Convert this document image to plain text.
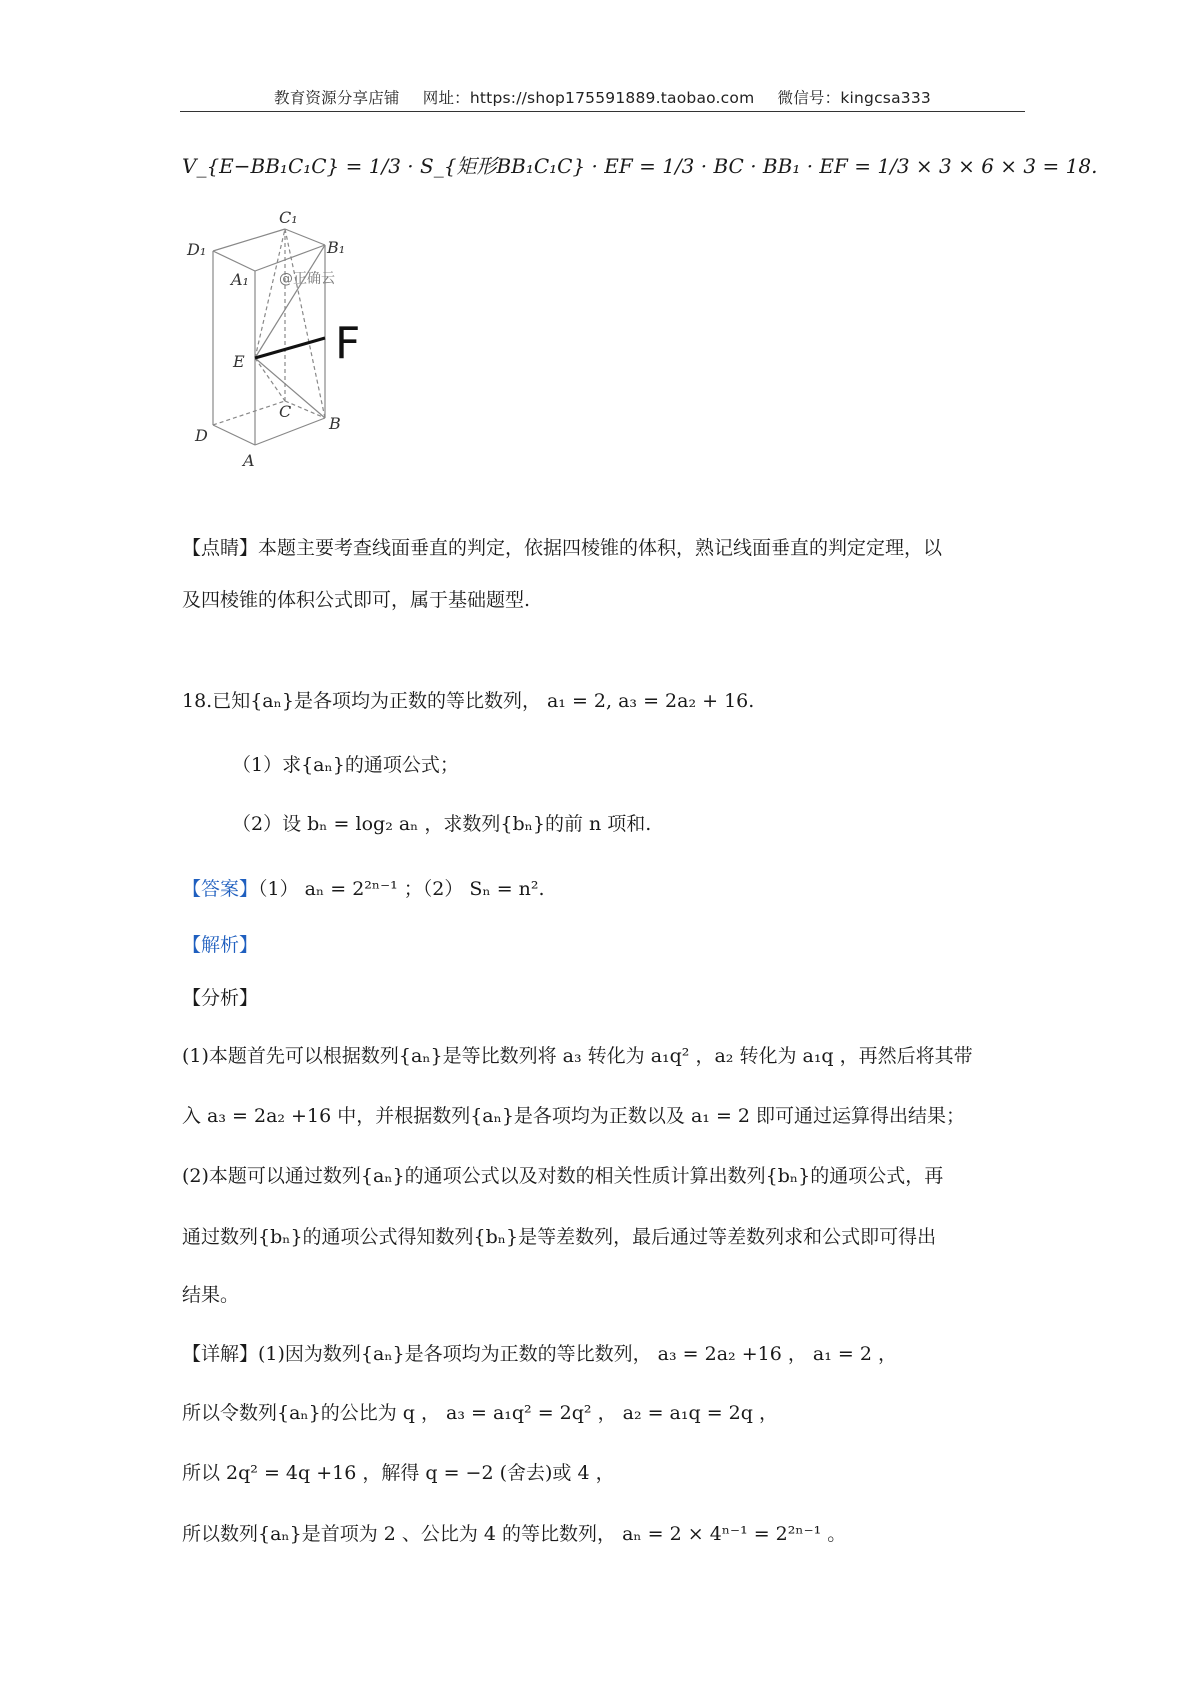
教育资源分享店铺 网址：https://shop175591889.taobao.com 微信号：kingcsa333
V_{E−BB₁C₁C} = 1/3 · S_{矩形BB₁C₁C} · EF = 1/3 · BC · BB₁ · EF = 1/3 × 3 × 6 × 3 = 18.
C₁
D₁	B₁
A₁
E
C
B
D
A
@正确云
F
【点睛】本题主要考查线面垂直的判定，依据四棱锥的体积，熟记线面垂直的判定定理，以
及四棱锥的体积公式即可，属于基础题型.
18.已知{aₙ}是各项均为正数的等比数列， a₁ = 2, a₃ = 2a₂ + 16.
（1）求{aₙ}的通项公式；
（2）设 bₙ = log₂ aₙ ，求数列{bₙ}的前 n 项和.
【答案】（1） aₙ = 2²ⁿ⁻¹ ；（2） Sₙ = n².
【解析】
【分析】
(1)本题首先可以根据数列{aₙ}是等比数列将 a₃ 转化为 a₁q² ，a₂ 转化为 a₁q ，再然后将其带
入 a₃ = 2a₂ +16 中，并根据数列{aₙ}是各项均为正数以及 a₁ = 2 即可通过运算得出结果；
(2)本题可以通过数列{aₙ}的通项公式以及对数的相关性质计算出数列{bₙ}的通项公式，再
通过数列{bₙ}的通项公式得知数列{bₙ}是等差数列，最后通过等差数列求和公式即可得出
结果。
【详解】(1)因为数列{aₙ}是各项均为正数的等比数列， a₃ = 2a₂ +16 ， a₁ = 2 ，
所以令数列{aₙ}的公比为 q ， a₃ = a₁q² = 2q² ， a₂ = a₁q = 2q ，
所以 2q² = 4q +16 ，解得 q = −2 (舍去)或 4 ，
所以数列{aₙ}是首项为 2 、公比为 4 的等比数列， aₙ = 2 × 4ⁿ⁻¹ = 2²ⁿ⁻¹ 。
